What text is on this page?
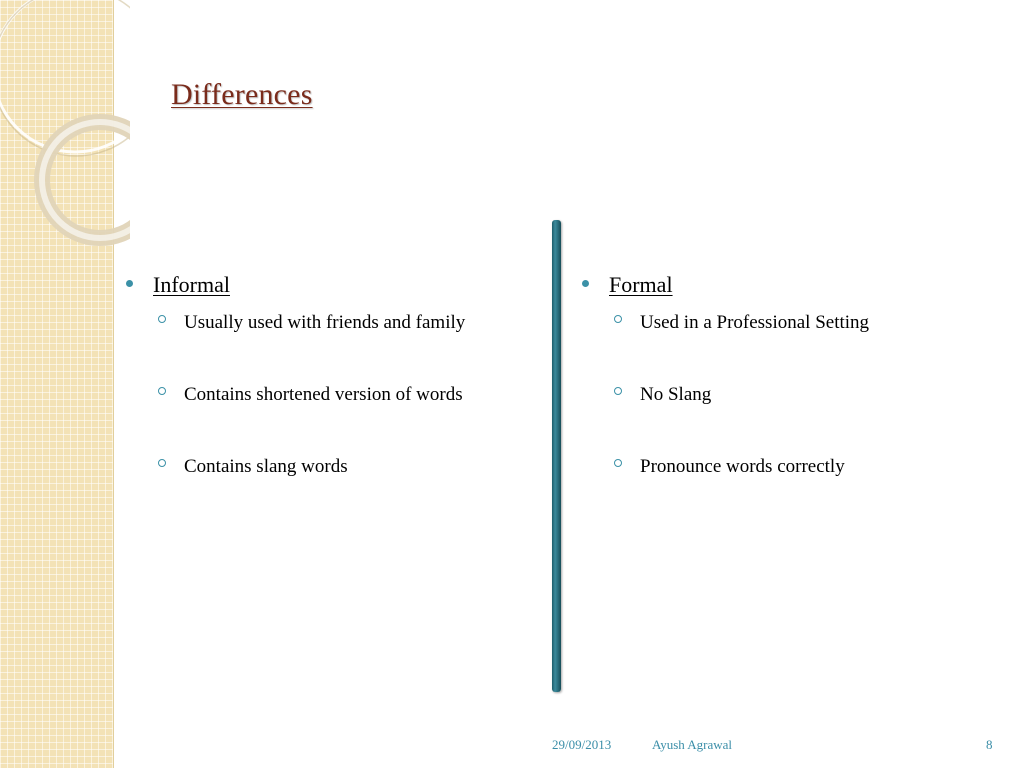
Differences
Informal
Usually used with friends and family
Contains shortened version of words
Contains slang words
Formal
Used in a Professional Setting
No Slang
Pronounce words correctly
29/09/2013	Ayush Agrawal	8
